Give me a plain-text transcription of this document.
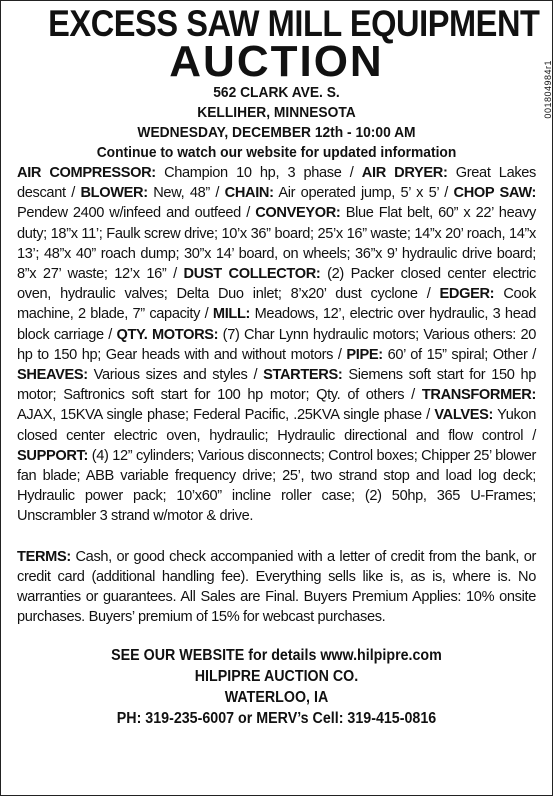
EXCESS SAW MILL EQUIPMENT
AUCTION
562 CLARK AVE. S.
KELLIHER, MINNESOTA
WEDNESDAY, DECEMBER 12th - 10:00 AM
Continue to watch our website for updated information

AIR COMPRESSOR: Champion 10 hp, 3 phase / AIR DRYER: Great Lakes descant / BLOWER: New, 48” / CHAIN: Air operated jump, 5’ x 5’ / CHOP SAW: Pendew 2400 w/infeed and outfeed / CONVEYOR: Blue Flat belt, 60” x 22’ heavy duty; 18”x 11’; Faulk screw drive; 10’x 36” board; 25’x 16” waste; 14”x 20’ roach, 14”x 13’; 48”x 40” roach dump; 30”x 14’ board, on wheels; 36”x 9’ hydraulic drive board; 8”x 27’ waste; 12’x 16” / DUST COLLECTOR: (2) Packer closed center electric oven, hydraulic valves; Delta Duo inlet; 8’x20’ dust cyclone / EDGER: Cook machine, 2 blade, 7” capacity / MILL: Meadows, 12’, electric over hydraulic, 3 head block carriage / QTY. MOTORS: (7) Char Lynn hydraulic motors; Various others: 20 hp to 150 hp; Gear heads with and without motors / PIPE: 60’ of 15” spiral; Other / SHEAVES: Various sizes and styles / STARTERS: Siemens soft start for 150 hp motor; Saftronics soft start for 100 hp motor; Qty. of others / TRANSFORMER: AJAX, 15KVA single phase; Federal Pacific, .25KVA single phase / VALVES: Yukon closed center electric oven, hydraulic; Hydraulic directional and flow control / SUPPORT: (4) 12” cylinders; Various disconnects; Control boxes; Chipper 25’ blower fan blade; ABB variable frequency drive; 25’, two strand stop and load log deck; Hydraulic power pack; 10’x60” incline roller case; (2) 50hp, 365 U-Frames; Unscrambler 3 strand w/motor & drive.

TERMS: Cash, or good check accompanied with a letter of credit from the bank, or credit card (additional handling fee). Everything sells like is, as is, where is. No warranties or guarantees. All Sales are Final. Buyers Premium Applies: 10% onsite purchases. Buyers’ premium of 15% for webcast purchases.

SEE OUR WEBSITE for details www.hilpipre.com
HILPIPRE AUCTION CO.
WATERLOO, IA
PH: 319-235-6007 or MERV’s Cell: 319-415-0816
001804984r1
